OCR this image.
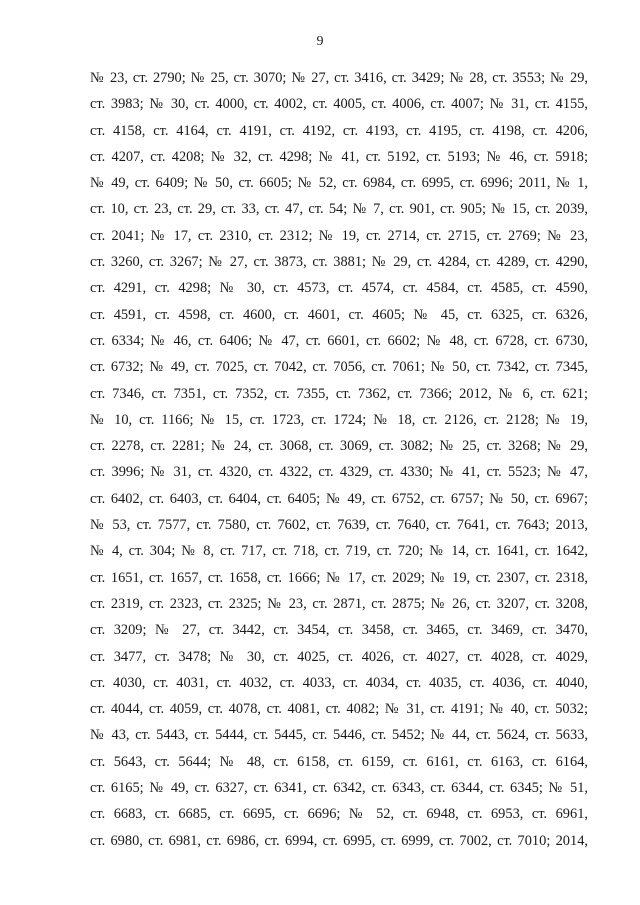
9
№ 23, ст. 2790; № 25, ст. 3070; № 27, ст. 3416, ст. 3429; № 28, ст. 3553; № 29,
ст. 3983; № 30, ст. 4000, ст. 4002, ст. 4005, ст. 4006, ст. 4007; № 31, ст. 4155,
ст. 4158, ст. 4164, ст. 4191, ст. 4192, ст. 4193, ст. 4195, ст. 4198, ст. 4206,
ст. 4207, ст. 4208; № 32, ст. 4298; № 41, ст. 5192, ст. 5193; № 46, ст. 5918;
№ 49, ст. 6409; № 50, ст. 6605; № 52, ст. 6984, ст. 6995, ст. 6996; 2011, № 1,
ст. 10, ст. 23, ст. 29, ст. 33, ст. 47, ст. 54; № 7, ст. 901, ст. 905; № 15, ст. 2039,
ст. 2041; № 17, ст. 2310, ст. 2312; № 19, ст. 2714, ст. 2715, ст. 2769; № 23,
ст. 3260, ст. 3267; № 27, ст. 3873, ст. 3881; № 29, ст. 4284, ст. 4289, ст. 4290,
ст. 4291, ст. 4298; № 30, ст. 4573, ст. 4574, ст. 4584, ст. 4585, ст. 4590,
ст. 4591, ст. 4598, ст. 4600, ст. 4601, ст. 4605; № 45, ст. 6325, ст. 6326,
ст. 6334; № 46, ст. 6406; № 47, ст. 6601, ст. 6602; № 48, ст. 6728, ст. 6730,
ст. 6732; № 49, ст. 7025, ст. 7042, ст. 7056, ст. 7061; № 50, ст. 7342, ст. 7345,
ст. 7346, ст. 7351, ст. 7352, ст. 7355, ст. 7362, ст. 7366; 2012, № 6, ст. 621;
№ 10, ст. 1166; № 15, ст. 1723, ст. 1724; № 18, ст. 2126, ст. 2128; № 19,
ст. 2278, ст. 2281; № 24, ст. 3068, ст. 3069, ст. 3082; № 25, ст. 3268; № 29,
ст. 3996; № 31, ст. 4320, ст. 4322, ст. 4329, ст. 4330; № 41, ст. 5523; № 47,
ст. 6402, ст. 6403, ст. 6404, ст. 6405; № 49, ст. 6752, ст. 6757; № 50, ст. 6967;
№ 53, ст. 7577, ст. 7580, ст. 7602, ст. 7639, ст. 7640, ст. 7641, ст. 7643; 2013,
№ 4, ст. 304; № 8, ст. 717, ст. 718, ст. 719, ст. 720; № 14, ст. 1641, ст. 1642,
ст. 1651, ст. 1657, ст. 1658, ст. 1666; № 17, ст. 2029; № 19, ст. 2307, ст. 2318,
ст. 2319, ст. 2323, ст. 2325; № 23, ст. 2871, ст. 2875; № 26, ст. 3207, ст. 3208,
ст. 3209; № 27, ст. 3442, ст. 3454, ст. 3458, ст. 3465, ст. 3469, ст. 3470,
ст. 3477, ст. 3478; № 30, ст. 4025, ст. 4026, ст. 4027, ст. 4028, ст. 4029,
ст. 4030, ст. 4031, ст. 4032, ст. 4033, ст. 4034, ст. 4035, ст. 4036, ст. 4040,
ст. 4044, ст. 4059, ст. 4078, ст. 4081, ст. 4082; № 31, ст. 4191; № 40, ст. 5032;
№ 43, ст. 5443, ст. 5444, ст. 5445, ст. 5446, ст. 5452; № 44, ст. 5624, ст. 5633,
ст. 5643, ст. 5644; № 48, ст. 6158, ст. 6159, ст. 6161, ст. 6163, ст. 6164,
ст. 6165; № 49, ст. 6327, ст. 6341, ст. 6342, ст. 6343, ст. 6344, ст. 6345; № 51,
ст. 6683, ст. 6685, ст. 6695, ст. 6696; № 52, ст. 6948, ст. 6953, ст. 6961,
ст. 6980, ст. 6981, ст. 6986, ст. 6994, ст. 6995, ст. 6999, ст. 7002, ст. 7010; 2014,
